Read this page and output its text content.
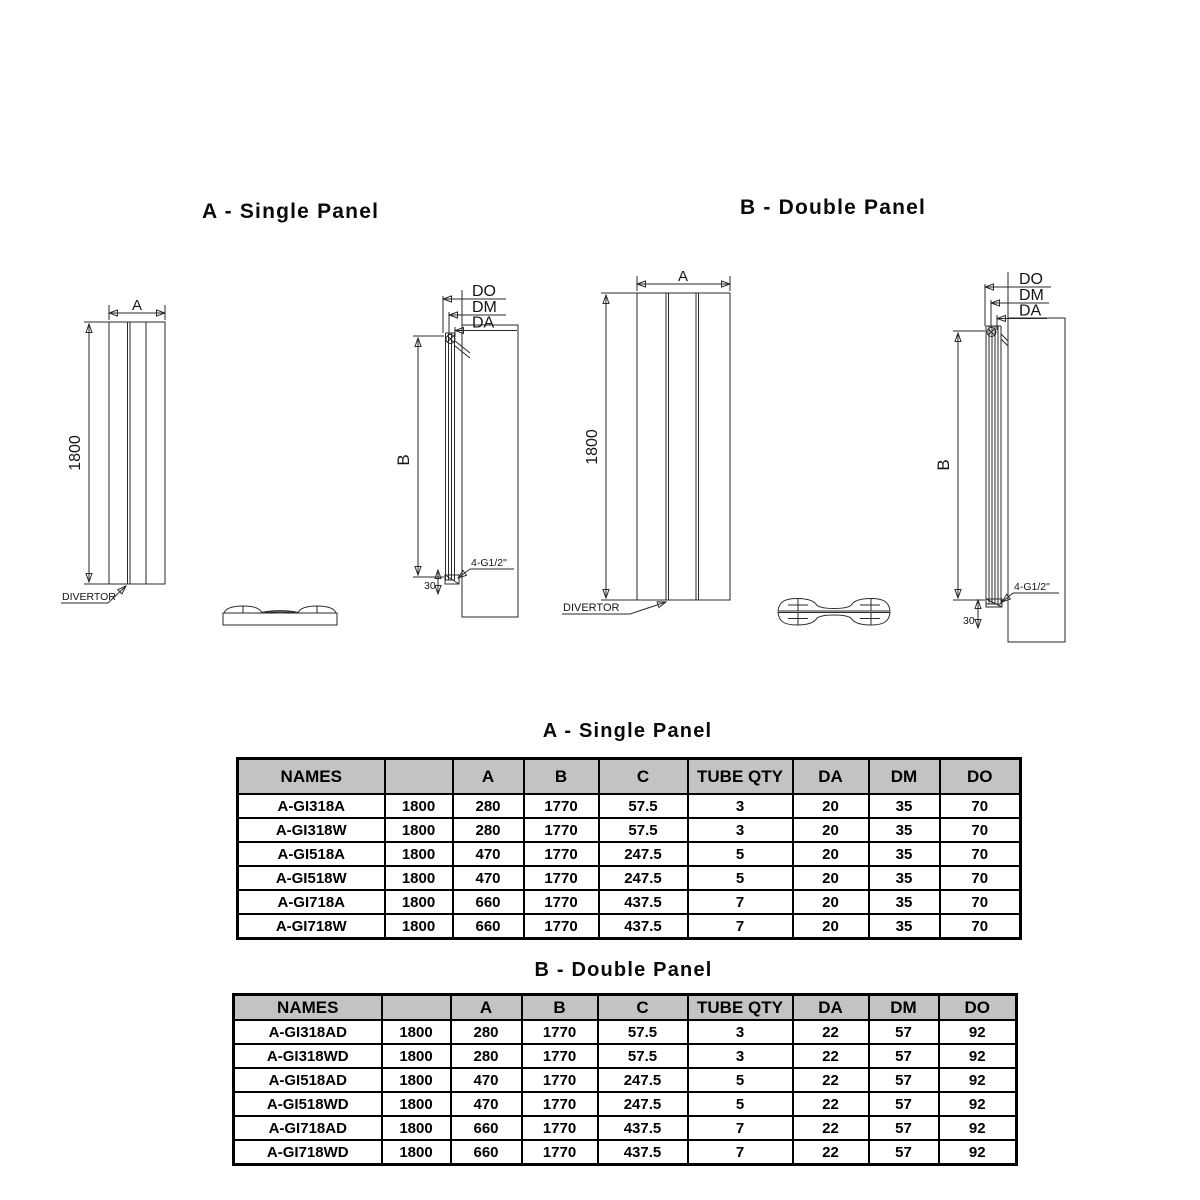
A - Single Panel	B - Double Panel
A
1800
DIVERTOR
B
DO
DM
DA
4-G1/2"
30
A
1800
DIVERTOR
B
DO
DM
DA
4-G1/2"
30
A - Single Panel
NAMES		A	B	C	TUBE QTY	DA	DM	DO
A-GI318A	1800	280	1770	57.5	3	20	35	70
A-GI318W	1800	280	1770	57.5	3	20	35	70
A-GI518A	1800	470	1770	247.5	5	20	35	70
A-GI518W	1800	470	1770	247.5	5	20	35	70
A-GI718A	1800	660	1770	437.5	7	20	35	70
A-GI718W	1800	660	1770	437.5	7	20	35	70
B - Double Panel
NAMES		A	B	C	TUBE QTY	DA	DM	DO
A-GI318AD	1800	280	1770	57.5	3	22	57	92
A-GI318WD	1800	280	1770	57.5	3	22	57	92
A-GI518AD	1800	470	1770	247.5	5	22	57	92
A-GI518WD	1800	470	1770	247.5	5	22	57	92
A-GI718AD	1800	660	1770	437.5	7	22	57	92
A-GI718WD	1800	660	1770	437.5	7	22	57	92
